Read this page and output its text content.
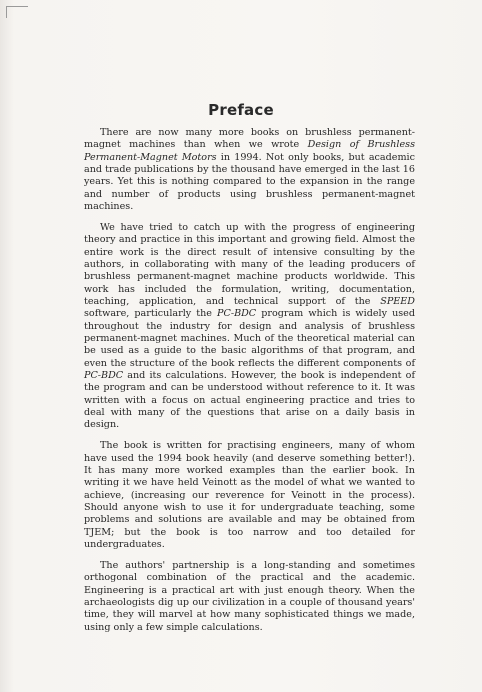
Preface

There are now many more books on brushless permanent-magnet machines than when we wrote Design of Brushless Permanent-Magnet Motors in 1994. Not only books, but academic and trade publications by the thousand have emerged in the last 16 years. Yet this is nothing compared to the expansion in the range and number of products using brushless permanent-magnet machines.

We have tried to catch up with the progress of engineering theory and practice in this important and growing field. Almost the entire work is the direct result of intensive consulting by the authors, in collaborating with many of the leading producers of brushless permanent-magnet machine products worldwide. This work has included the formulation, writing, documentation, teaching, application, and technical support of the SPEED software, particularly the PC-BDC program which is widely used throughout the industry for design and analysis of brushless permanent-magnet machines. Much of the theoretical material can be used as a guide to the basic algorithms of that program, and even the structure of the book reflects the different components of PC-BDC and its calculations. However, the book is independent of the program and can be understood without reference to it. It was written with a focus on actual engineering practice and tries to deal with many of the questions that arise on a daily basis in design.

The book is written for practising engineers, many of whom have used the 1994 book heavily (and deserve something better!). It has many more worked examples than the earlier book. In writing it we have held Veinott as the model of what we wanted to achieve, (increasing our reverence for Veinott in the process). Should anyone wish to use it for undergraduate teaching, some problems and solutions are available and may be obtained from TJEM; but the book is too narrow and too detailed for undergraduates.

The authors' partnership is a long-standing and sometimes orthogonal combination of the practical and the academic. Engineering is a practical art with just enough theory. When the archaeologists dig up our civilization in a couple of thousand years' time, they will marvel at how many sophisticated things we made, using only a few simple calculations.
